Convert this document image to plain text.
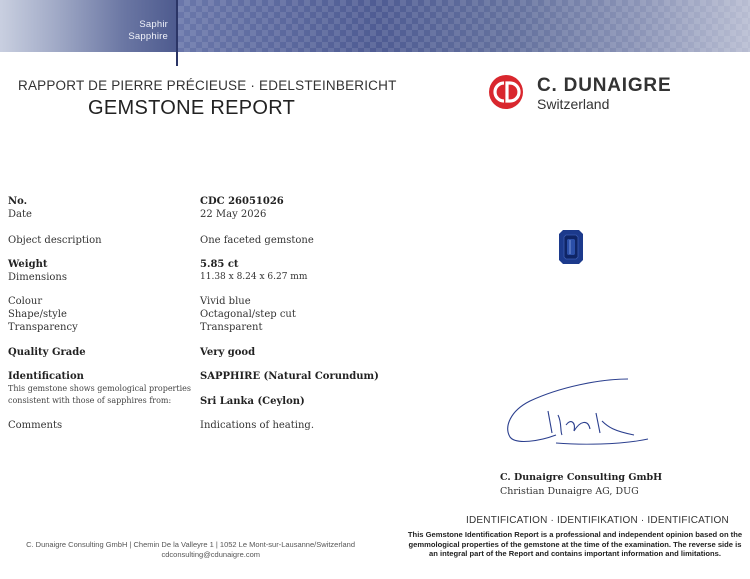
Saphir
Sapphire
RAPPORT DE PIERRE PRÉCIEUSE · EDELSTEINBERICHT
GEMSTONE REPORT
C. DUNAIGRE
Switzerland
No.
Date
Object description
Weight
Dimensions
Colour
Shape/style
Transparency
Quality Grade
Identification
This gemstone shows gemological properties
consistent with those of sapphires from:
Comments
CDC 26051026
22 May 2026
One faceted gemstone
5.85 ct
11.38 x 8.24 x 6.27 mm
Vivid blue
Octagonal/step cut
Transparent
Very good
SAPPHIRE (Natural Corundum)
Sri Lanka (Ceylon)
Indications of heating.
C. Dunaigre Consulting GmbH
Christian Dunaigre AG, DUG
IDENTIFICATION · IDENTIFIKATION · IDENTIFICATION
This Gemstone Identification Report is a professional and independent opinion based on the gemmological properties of the gemstone at the time of the examination. The reverse side is an integral part of the Report and contains important information and limitations.
C. Dunaigre Consulting GmbH | Chemin De la Valleyre 1 | 1052 Le Mont-sur-Lausanne/Switzerland
cdconsulting@cdunaigre.com
